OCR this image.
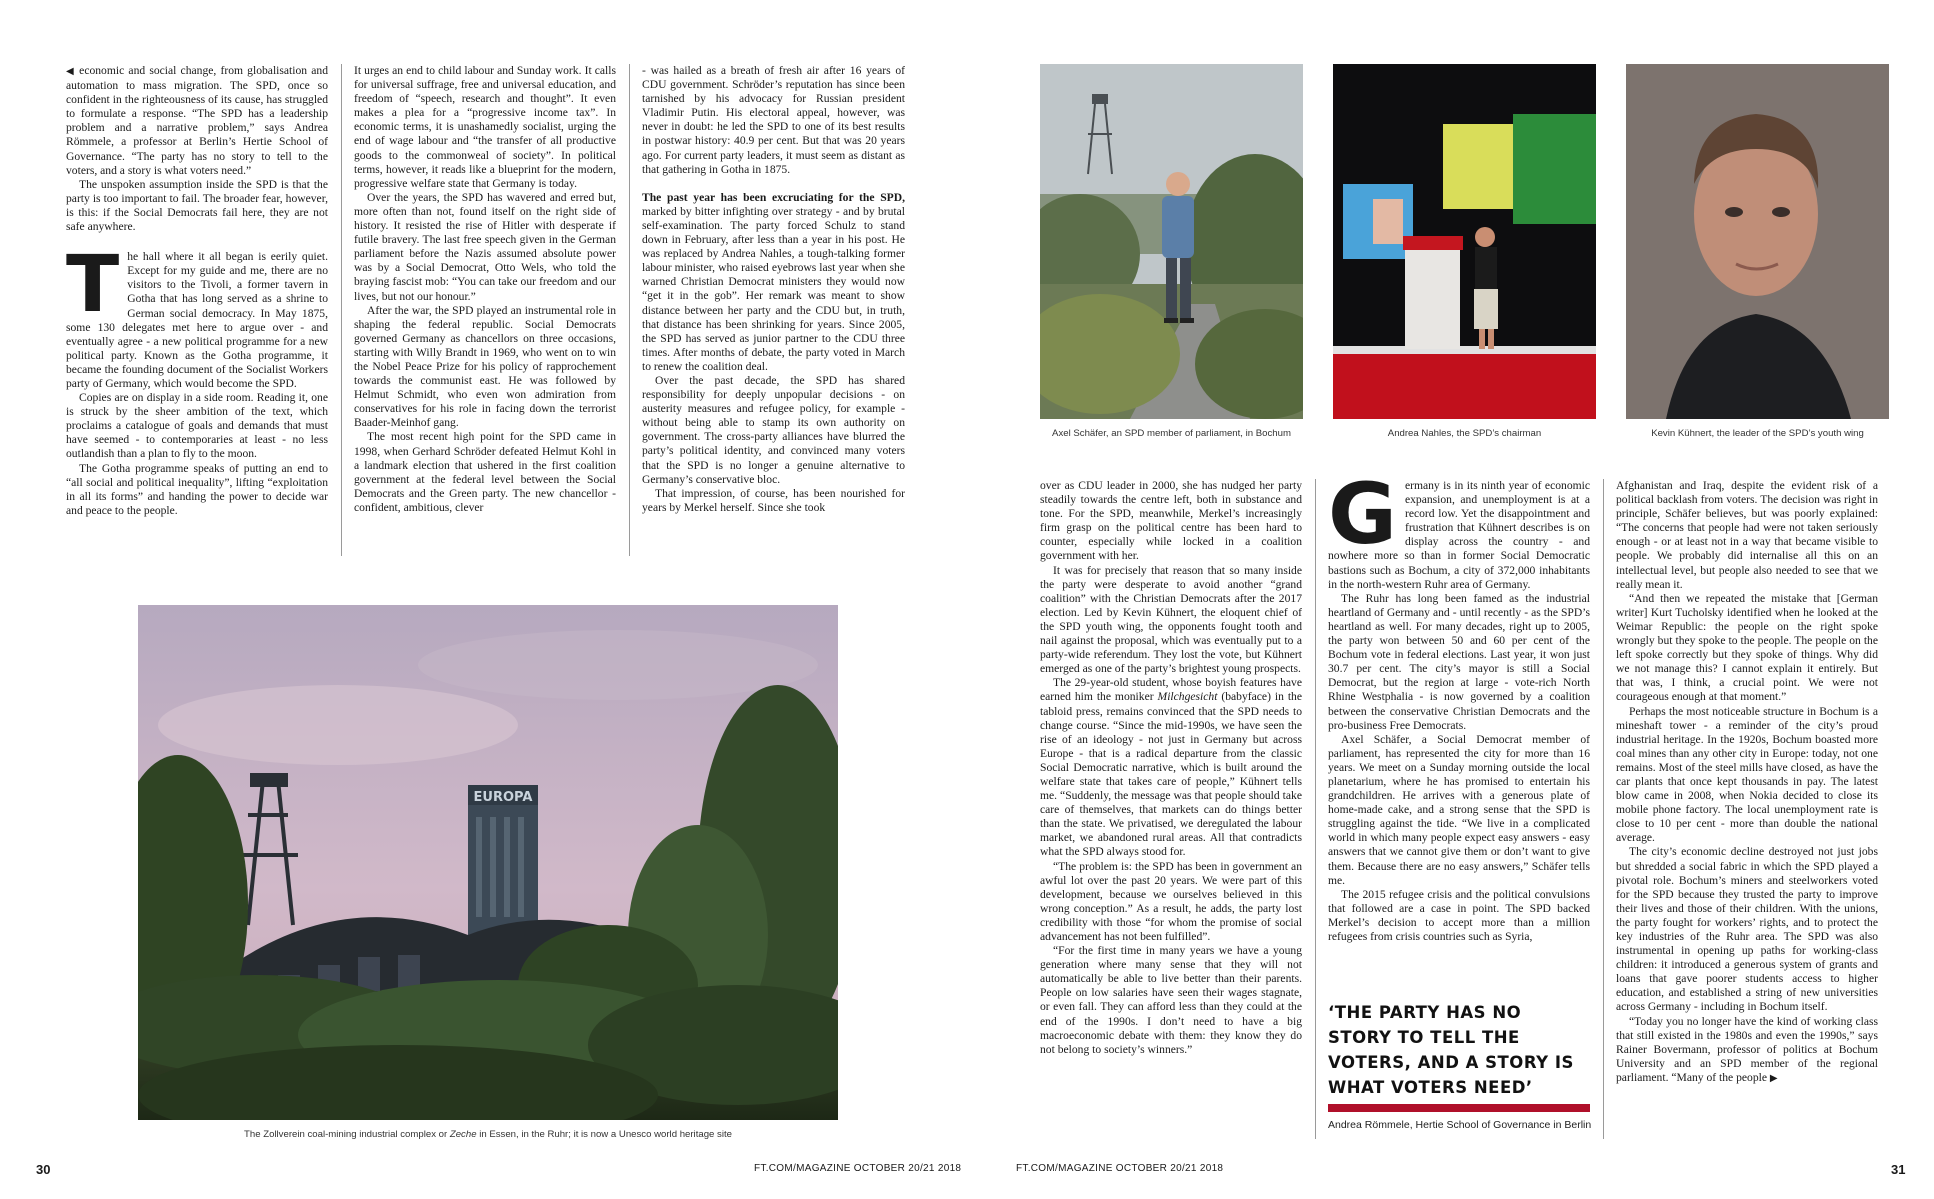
◀ economic and social change, from globalisation and automation to mass migration. The SPD, once so confident in the righteousness of its cause, has struggled to formulate a response. “The SPD has a leadership problem and a narrative problem,” says Andrea Römmele, a professor at Berlin’s Hertie School of Governance. “The party has no story to tell to the voters, and a story is what voters need.”

The unspoken assumption inside the SPD is that the party is too important to fail. The broader fear, however, is this: if the Social Democrats fail here, they are not safe anywhere.

The hall where it all began is eerily quiet. Except for my guide and me, there are no visitors to the Tivoli, a former tavern in Gotha that has long served as a shrine to German social democracy. In May 1875, some 130 delegates met here to argue over - and eventually agree - a new political programme for a new political party. Known as the Gotha programme, it became the founding document of the Socialist Workers party of Germany, which would become the SPD.

Copies are on display in a side room. Reading it, one is struck by the sheer ambition of the text, which proclaims a catalogue of goals and demands that must have seemed - to contemporaries at least - no less outlandish than a plan to fly to the moon.

The Gotha programme speaks of putting an end to “all social and political inequality”, lifting “exploitation in all its forms” and handing the power to decide war and peace to the people.

It urges an end to child labour and Sunday work. It calls for universal suffrage, free and universal education, and freedom of “speech, research and thought”. It even makes a plea for a “progressive income tax”. In economic terms, it is unashamedly socialist, urging the end of wage labour and “the transfer of all productive goods to the commonweal of society”. In political terms, however, it reads like a blueprint for the modern, progressive welfare state that Germany is today.

Over the years, the SPD has wavered and erred but, more often than not, found itself on the right side of history. It resisted the rise of Hitler with desperate if futile bravery. The last free speech given in the German parliament before the Nazis assumed absolute power was by a Social Democrat, Otto Wels, who told the braying fascist mob: “You can take our freedom and our lives, but not our honour.”

After the war, the SPD played an instrumental role in shaping the federal republic. Social Democrats governed Germany as chancellors on three occasions, starting with Willy Brandt in 1969, who went on to win the Nobel Peace Prize for his policy of rapprochement towards the communist east. He was followed by Helmut Schmidt, who even won admiration from conservatives for his role in facing down the terrorist Baader-Meinhof gang.

The most recent high point for the SPD came in 1998, when Gerhard Schröder defeated Helmut Kohl in a landmark election that ushered in the first coalition government at the federal level between the Social Democrats and the Green party. The new chancellor - confident, ambitious, clever

- was hailed as a breath of fresh air after 16 years of CDU government. Schröder’s reputation has since been tarnished by his advocacy for Russian president Vladimir Putin. His electoral appeal, however, was never in doubt: he led the SPD to one of its best results in postwar history: 40.9 per cent. But that was 20 years ago. For current party leaders, it must seem as distant as that gathering in Gotha in 1875.

The past year has been excruciating for the SPD, marked by bitter infighting over strategy - and by brutal self-examination. The party forced Schulz to stand down in February, after less than a year in his post. He was replaced by Andrea Nahles, a tough-talking former labour minister, who raised eyebrows last year when she warned Christian Democrat ministers they would now “get it in the gob”. Her remark was meant to show distance between her party and the CDU but, in truth, that distance has been shrinking for years. Since 2005, the SPD has served as junior partner to the CDU three times. After months of debate, the party voted in March to renew the coalition deal.

Over the past decade, the SPD has shared responsibility for deeply unpopular decisions - on austerity measures and refugee policy, for example - without being able to stamp its own authority on government. The cross-party alliances have blurred the party’s political identity, and convinced many voters that the SPD is no longer a genuine alternative to Germany’s conservative bloc.

That impression, of course, has been nourished for years by Merkel herself. Since she took

EUROPA
The Zollverein coal-mining industrial complex or Zeche in Essen, in the Ruhr; it is now a Unesco world heritage site
30	FT.COM/MAGAZINE OCTOBER 20/21 2018
Axel Schäfer, an SPD member of parliament, in Bochum	Andrea Nahles, the SPD’s chairman	Kevin Kühnert, the leader of the SPD’s youth wing

over as CDU leader in 2000, she has nudged her party steadily towards the centre left, both in substance and tone. For the SPD, meanwhile, Merkel’s increasingly firm grasp on the political centre has been hard to counter, especially while locked in a coalition government with her.

It was for precisely that reason that so many inside the party were desperate to avoid another “grand coalition” with the Christian Democrats after the 2017 election. Led by Kevin Kühnert, the eloquent chief of the SPD youth wing, the opponents fought tooth and nail against the proposal, which was eventually put to a party-wide referendum. They lost the vote, but Kühnert emerged as one of the party’s brightest young prospects.

The 29-year-old student, whose boyish features have earned him the moniker Milchgesicht (babyface) in the tabloid press, remains convinced that the SPD needs to change course. “Since the mid-1990s, we have seen the rise of an ideology - not just in Germany but across Europe - that is a radical departure from the classic Social Democratic narrative, which is built around the welfare state that takes care of people,” Kühnert tells me. “Suddenly, the message was that people should take care of themselves, that markets can do things better than the state. We privatised, we deregulated the labour market, we abandoned rural areas. All that contradicts what the SPD always stood for.

“The problem is: the SPD has been in government an awful lot over the past 20 years. We were part of this development, because we ourselves believed in this wrong conception.” As a result, he adds, the party lost credibility with those “for whom the promise of social advancement has not been fulfilled”.

“For the first time in many years we have a young generation where many sense that they will not automatically be able to live better than their parents. People on low salaries have seen their wages stagnate, or even fall. They can afford less than they could at the end of the 1990s. I don’t need to have a big macroeconomic debate with them: they know they do not belong to society’s winners.”

Germany is in its ninth year of economic expansion, and unemployment is at a record low. Yet the disappointment and frustration that Kühnert describes is on display across the country - and nowhere more so than in former Social Democratic bastions such as Bochum, a city of 372,000 inhabitants in the north-western Ruhr area of Germany.

The Ruhr has long been famed as the industrial heartland of Germany and - until recently - as the SPD’s heartland as well. For many decades, right up to 2005, the party won between 50 and 60 per cent of the Bochum vote in federal elections. Last year, it won just 30.7 per cent. The city’s mayor is still a Social Democrat, but the region at large - vote-rich North Rhine Westphalia - is now governed by a coalition between the conservative Christian Democrats and the pro-business Free Democrats.

Axel Schäfer, a Social Democrat member of parliament, has represented the city for more than 16 years. We meet on a Sunday morning outside the local planetarium, where he has promised to entertain his grandchildren. He arrives with a generous plate of home-made cake, and a strong sense that the SPD is struggling against the tide. “We live in a complicated world in which many people expect easy answers - easy answers that we cannot give them or don’t want to give them. Because there are no easy answers,” Schäfer tells me.

The 2015 refugee crisis and the political convulsions that followed are a case in point. The SPD backed Merkel’s decision to accept more than a million refugees from crisis countries such as Syria,

‘THE PARTY HAS NO STORY TO TELL THE VOTERS, AND A STORY IS WHAT VOTERS NEED’
Andrea Römmele, Hertie School of Governance in Berlin

Afghanistan and Iraq, despite the evident risk of a political backlash from voters. The decision was right in principle, Schäfer believes, but was poorly explained: “The concerns that people had were not taken seriously enough - or at least not in a way that became visible to people. We probably did internalise all this on an intellectual level, but people also needed to see that we really mean it.

“And then we repeated the mistake that [German writer] Kurt Tucholsky identified when he looked at the Weimar Republic: the people on the right spoke wrongly but they spoke to the people. The people on the left spoke correctly but they spoke of things. Why did we not manage this? I cannot explain it entirely. But that was, I think, a crucial point. We were not courageous enough at that moment.”

Perhaps the most noticeable structure in Bochum is a mineshaft tower - a reminder of the city’s proud industrial heritage. In the 1920s, Bochum boasted more coal mines than any other city in Europe: today, not one remains. Most of the steel mills have closed, as have the car plants that once kept thousands in pay. The latest blow came in 2008, when Nokia decided to close its mobile phone factory. The local unemployment rate is close to 10 per cent - more than double the national average.

The city’s economic decline destroyed not just jobs but shredded a social fabric in which the SPD played a pivotal role. Bochum’s miners and steelworkers voted for the SPD because they trusted the party to improve their lives and those of their children. With the unions, the party fought for workers’ rights, and to protect the key industries of the Ruhr area. The SPD was also instrumental in opening up paths for working-class children: it introduced a generous system of grants and loans that gave poorer students access to higher education, and established a string of new universities across Germany - including in Bochum itself.

“Today you no longer have the kind of working class that still existed in the 1980s and even the 1990s,” says Rainer Bovermann, professor of politics at Bochum University and an SPD member of the regional parliament. “Many of the people ▶

FT.COM/MAGAZINE OCTOBER 20/21 2018	31
